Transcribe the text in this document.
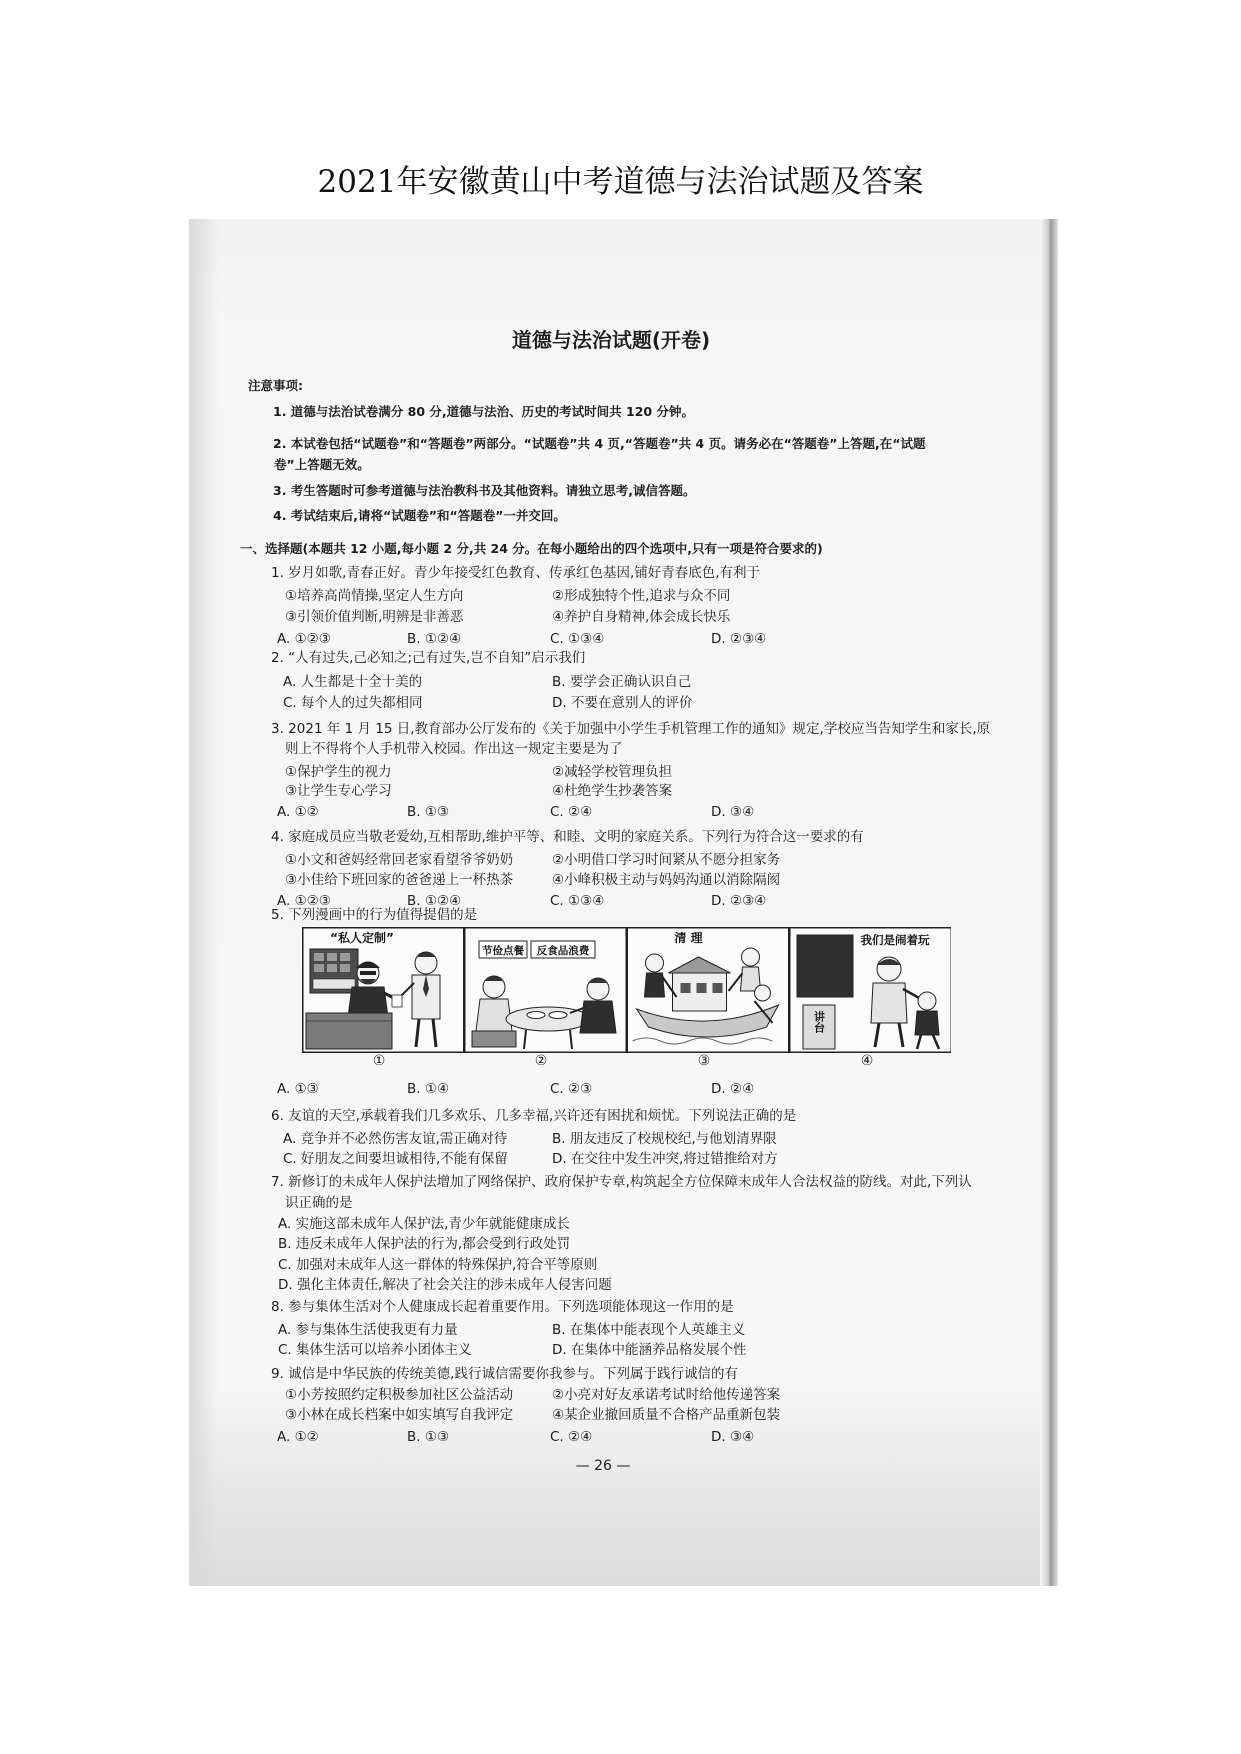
2021年安徽黄山中考道德与法治试题及答案
道德与法治试题(开卷)
注意事项:
1. 道德与法治试卷满分 80 分,道德与法治、历史的考试时间共 120 分钟。
2. 本试卷包括“试题卷”和“答题卷”两部分。“试题卷”共 4 页,“答题卷”共 4 页。请务必在“答题卷”上答题,在“试题
卷”上答题无效。
3. 考生答题时可参考道德与法治教科书及其他资料。请独立思考,诚信答题。
4. 考试结束后,请将“试题卷”和“答题卷”一并交回。
一、选择题(本题共 12 小题,每小题 2 分,共 24 分。在每小题给出的四个选项中,只有一项是符合要求的)
1. 岁月如歌,青春正好。青少年接受红色教育、传承红色基因,铺好青春底色,有利于
①培养高尚情操,坚定人生方向	②形成独特个性,追求与众不同
③引领价值判断,明辨是非善恶	④养护自身精神,体会成长快乐
A. ①②③	B. ①②④	C. ①③④	D. ②③④
2. “人有过失,己必知之;己有过失,岂不自知”启示我们
A. 人生都是十全十美的	B. 要学会正确认识自己
C. 每个人的过失都相同	D. 不要在意别人的评价
3. 2021 年 1 月 15 日,教育部办公厅发布的《关于加强中小学生手机管理工作的通知》规定,学校应当告知学生和家长,原
则上不得将个人手机带入校园。作出这一规定主要是为了
①保护学生的视力	②减轻学校管理负担
③让学生专心学习	④杜绝学生抄袭答案
A. ①②	B. ①③	C. ②④	D. ③④
4. 家庭成员应当敬老爱幼,互相帮助,维护平等、和睦、文明的家庭关系。下列行为符合这一要求的有
①小文和爸妈经常回老家看望爷爷奶奶	②小明借口学习时间紧从不愿分担家务
③小佳给下班回家的爸爸递上一杯热茶	④小峰积极主动与妈妈沟通以消除隔阂
A. ①②③	B. ①②④	C. ①③④	D. ②③④
5. 下列漫画中的行为值得提倡的是
“私人定制”
节俭点餐 反食品浪费
清 理	我们是闹着玩
讲台
①	②	③	④
A. ①③	B. ①④	C. ②③	D. ②④
6. 友谊的天空,承载着我们几多欢乐、几多幸福,兴许还有困扰和烦忧。下列说法正确的是
A. 竞争并不必然伤害友谊,需正确对待	B. 朋友违反了校规校纪,与他划清界限
C. 好朋友之间要坦诚相待,不能有保留	D. 在交往中发生冲突,将过错推给对方
7. 新修订的未成年人保护法增加了网络保护、政府保护专章,构筑起全方位保障未成年人合法权益的防线。对此,下列认
识正确的是
A. 实施这部未成年人保护法,青少年就能健康成长
B. 违反未成年人保护法的行为,都会受到行政处罚
C. 加强对未成年人这一群体的特殊保护,符合平等原则
D. 强化主体责任,解决了社会关注的涉未成年人侵害问题
8. 参与集体生活对个人健康成长起着重要作用。下列选项能体现这一作用的是
A. 参与集体生活使我更有力量	B. 在集体中能表现个人英雄主义
C. 集体生活可以培养小团体主义	D. 在集体中能涵养品格发展个性
9. 诚信是中华民族的传统美德,践行诚信需要你我参与。下列属于践行诚信的有
①小芳按照约定积极参加社区公益活动	②小亮对好友承诺考试时给他传递答案
③小林在成长档案中如实填写自我评定	④某企业撤回质量不合格产品重新包装
A. ①②	B. ①③	C. ②④	D. ③④
— 26 —
